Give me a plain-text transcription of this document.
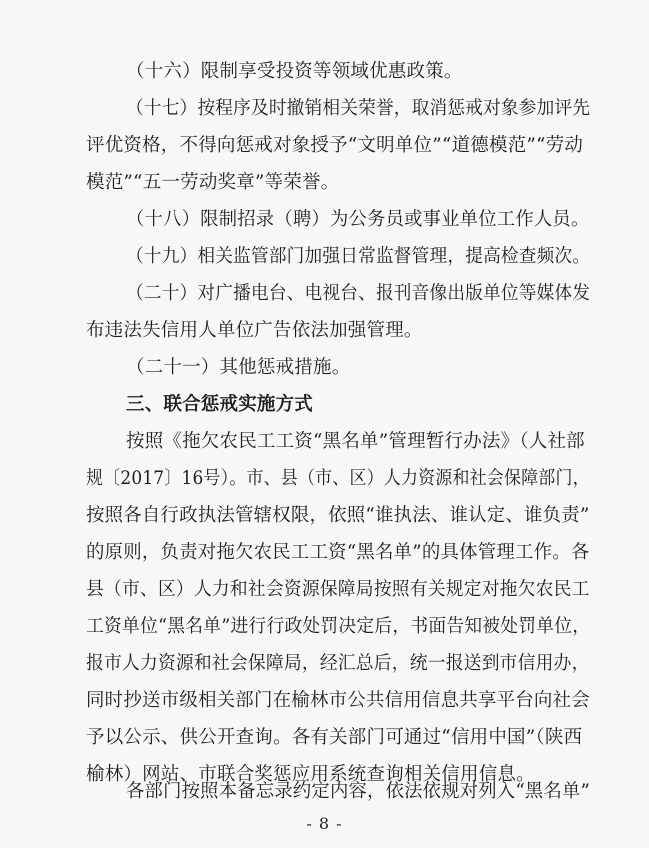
（十六）限制享受投资等领域优惠政策。
（十七）按程序及时撤销相关荣誉，取消惩戒对象参加评先
评优资格，不得向惩戒对象授予“文明单位”“道德模范”“劳动
模范”“五一劳动奖章”等荣誉。
（十八）限制招录（聘）为公务员或事业单位工作人员。
（十九）相关监管部门加强日常监督管理，提高检查频次。
（二十）对广播电台、电视台、报刊音像出版单位等媒体发
布违法失信用人单位广告依法加强管理。
（二十一）其他惩戒措施。
三、联合惩戒实施方式
按照《拖欠农民工工资“黑名单”管理暂行办法》（人社部
规〔2017〕16号）。市、县（市、区）人力资源和社会保障部门，
按照各自行政执法管辖权限，依照“谁执法、谁认定、谁负责”
的原则，负责对拖欠农民工工资“黑名单”的具体管理工作。各
县（市、区）人力和社会资源保障局按照有关规定对拖欠农民工
工资单位“黑名单”进行行政处罚决定后，书面告知被处罚单位，
报市人力资源和社会保障局，经汇总后，统一报送到市信用办，
同时抄送市级相关部门在榆林市公共信用信息共享平台向社会
予以公示、供公开查询。各有关部门可通过“信用中国”（陕西
榆林）网站、市联合奖惩应用系统查询相关信用信息。
各部门按照本备忘录约定内容，依法依规对列入“黑名单”
- 8 -
